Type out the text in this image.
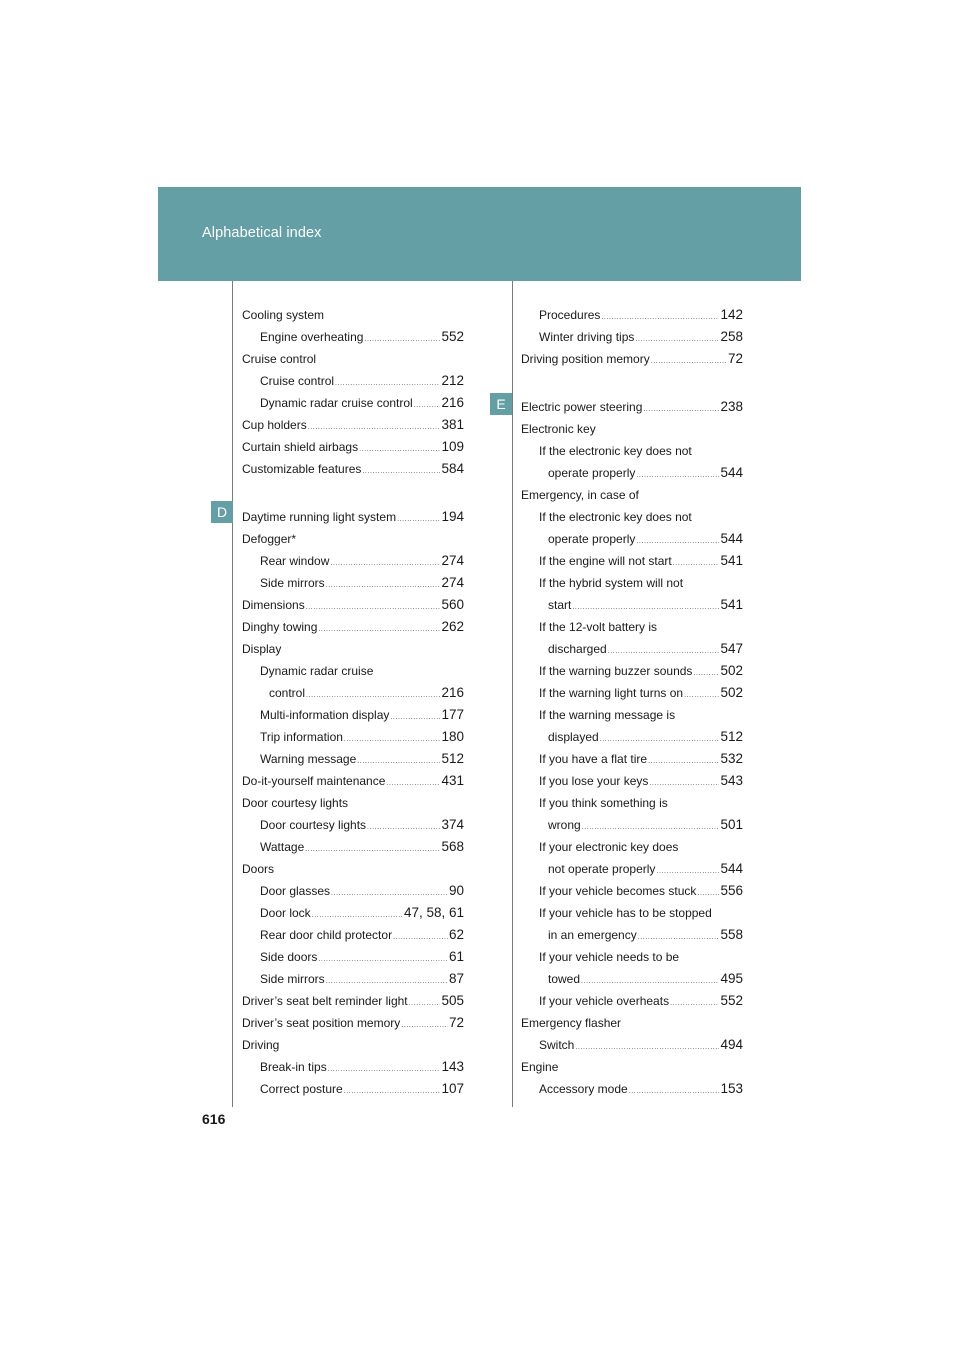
Alphabetical index
D
E
Cooling system
Engine overheating .....	552
Cruise control
Cruise control .....	212
Dynamic radar cruise control ..... 216
Cup holders .....	381
Curtain shield airbags .....	109
Customizable features .....	584
Daytime running light system .....	194
Defogger*
Rear window .....	274
Side mirrors .....	274
Dimensions .....	560
Dinghy towing .....	262
Display
Dynamic radar cruise
control .....	216
Multi-information display .....	177
Trip information .....	180
Warning message .....	512
Do-it-yourself maintenance .....	431
Door courtesy lights
Door courtesy lights .....	374
Wattage .....	568
Doors
Door glasses .....	90
Door lock .....	47, 58, 61
Rear door child protector .....	62
Side doors .....	61
Side mirrors .....	87
Driver’s seat belt reminder light .....	505
Driver’s seat position memory .....	72
Driving
Break-in tips .....	143
Correct posture .....	107
Procedures .....	142
Winter driving tips .....	258
Driving position memory .....	72
Electric power steering .....	238
Electronic key
If the electronic key does not
operate properly .....	544
Emergency, in case of
If the electronic key does not
operate properly .....	544
If the engine will not start .....	541
If the hybrid system will not
start .....	541
If the 12-volt battery is
discharged .....	547
If the warning buzzer sounds ..... 502
If the warning light turns on .....	502
If the warning message is
displayed .....	512
If you have a flat tire .....	532
If you lose your keys .....	543
If you think something is
wrong .....	501
If your electronic key does
not operate properly .....	544
If your vehicle becomes stuck ..... 556
If your vehicle has to be stopped
in an emergency .....	558
If your vehicle needs to be
towed .....	495
If your vehicle overheats .....	552
Emergency flasher
Switch .....	494
Engine
Accessory mode .....	153
616
